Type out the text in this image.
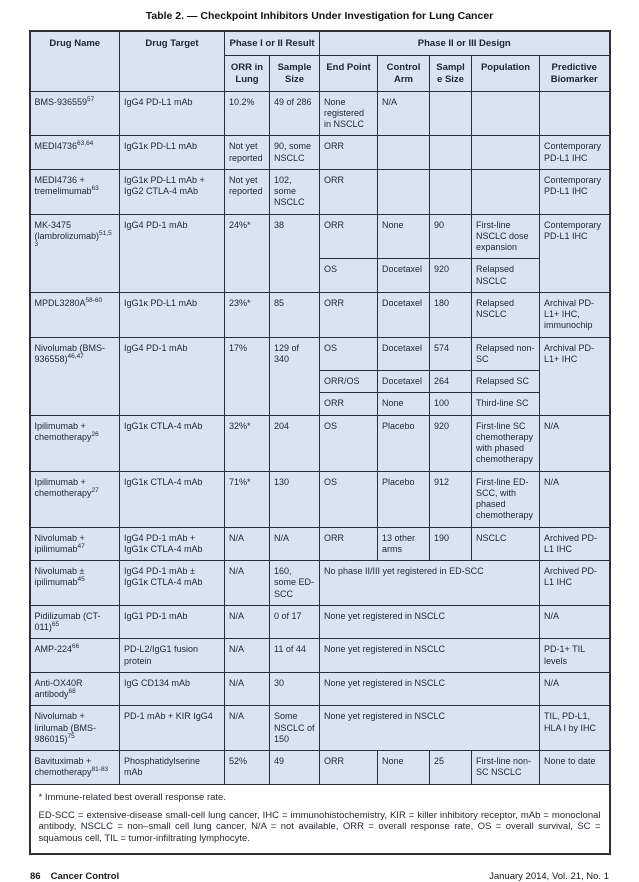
Table 2. — Checkpoint Inhibitors Under Investigation for Lung Cancer
Drug Name	Drug Target	Phase I or II Result		Phase II or III Design				
		ORR in Lung	Sample Size	End Point	Control Arm	Sample Size	Population	Predictive Biomarker
BMS-936559$^{57}$	IgG4 PD-L1 mAb	10.2%	49 of 286	None registered in NSCLC	N/A			
MEDI4736$^{63,64}$	IgG1κ PD-L1 mAb	Not yet reported	90, some NSCLC	ORR				Contemporary PD-L1 IHC
MEDI4736 + tremelimumab$^{63}$	IgG1κ PD-L1 mAb + IgG2 CTLA-4 mAb	Not yet reported	102, some NSCLC	ORR				Contemporary PD-L1 IHC
MK-3475 (lambrolizumab)$^{51,53}$	IgG4 PD-1 mAb	24%*	38	ORR	None	90	First-line NSCLC dose expansion	Contemporary PD-L1 IHC
				OS	Docetaxel	920	Relapsed NSCLC	
$MPDL3280A^{58-60}$	IgG1κ PD-L1 mAb	23%*	85	ORR	Docetaxel	180	Relapsed NSCLC	Archival PD-L1+ IHC, immunochip
Nivolumab $(BMS-936558)^{46,47}$	IgG4 PD-1 mAb	17%	129 of 340	OS	Docetaxel	574	Relapsed non-SC	Archival PD-L1+ IHC
				ORR/OS	Docetaxel	264	Relapsed SC	
				ORR	None	100	Third-line SC	
Ipilimumab + chemotherapy$^{26}$	IgG1κ CTLA-4 mAb	32%*	204	OS	Placebo	920	First-line SC chemotherapy with phased chemotherapy	N/A
Ipilimumab + chemotherapy$^{27}$	IgG1κ CTLA-4 mAb	71%*	130	OS	Placebo	912	First-line ED-SCC, with phased chemotherapy	N/A
Nivolumab + ipilimumab$^{47}$	IgG4 PD-1 mAb + IgG1κ CTLA-4 mAb	N/A	N/A	ORR	13 other arms	190	NSCLC	Archived PD-L1 IHC
Nivolumab ± ipilimumab$^{45}$	IgG4 PD-1 mAb ± IgG1κ CTLA-4 mAb	N/A	160, some ED-SCC	No phase II/III yet registered in ED-SCC				Archived PD-L1 IHC
Pidilizumab $(CT-011)^{65}$	IgG1 PD-1 mAb	N/A	0 of 17	None yet registered in NSCLC				N/A
AMP-$224^{66}$	PD-L2/IgG1 fusion protein	N/A	11 of 44	None yet registered in NSCLC				PD-1+ TIL levels
Anti-OX40R antibody$^{68}$	IgG CD134 mAb	N/A	30	None yet registered in NSCLC				N/A
Nivolumab + lirilumab $(BMS-986015)^{75}$	PD-1 mAb + KIR IgG4	N/A	Some NSCLC of 150	None yet registered in NSCLC				TIL, PD-L1, HLA I by IHC
Bavituximab + chemotherapy$^{81-83}$	Phosphatidylserine mAb	52%	49	ORR	None	25	First-line non-SC NSCLC	None to date

* Immune-related best overall response rate.

ED-SCC = extensive-disease small-cell lung cancer, IHC = immunohistochemistry, KIR = killer inhibitory receptor, mAb = monoclonal antibody, NSCLC = non–small cell lung cancer, N/A = not available, ORR = overall response rate, OS = overall survival, SC = squamous cell, TIL = tumor-infiltrating lymphocyte.								

86 Cancer Control	January 2014, Vol. 21, No. 1
